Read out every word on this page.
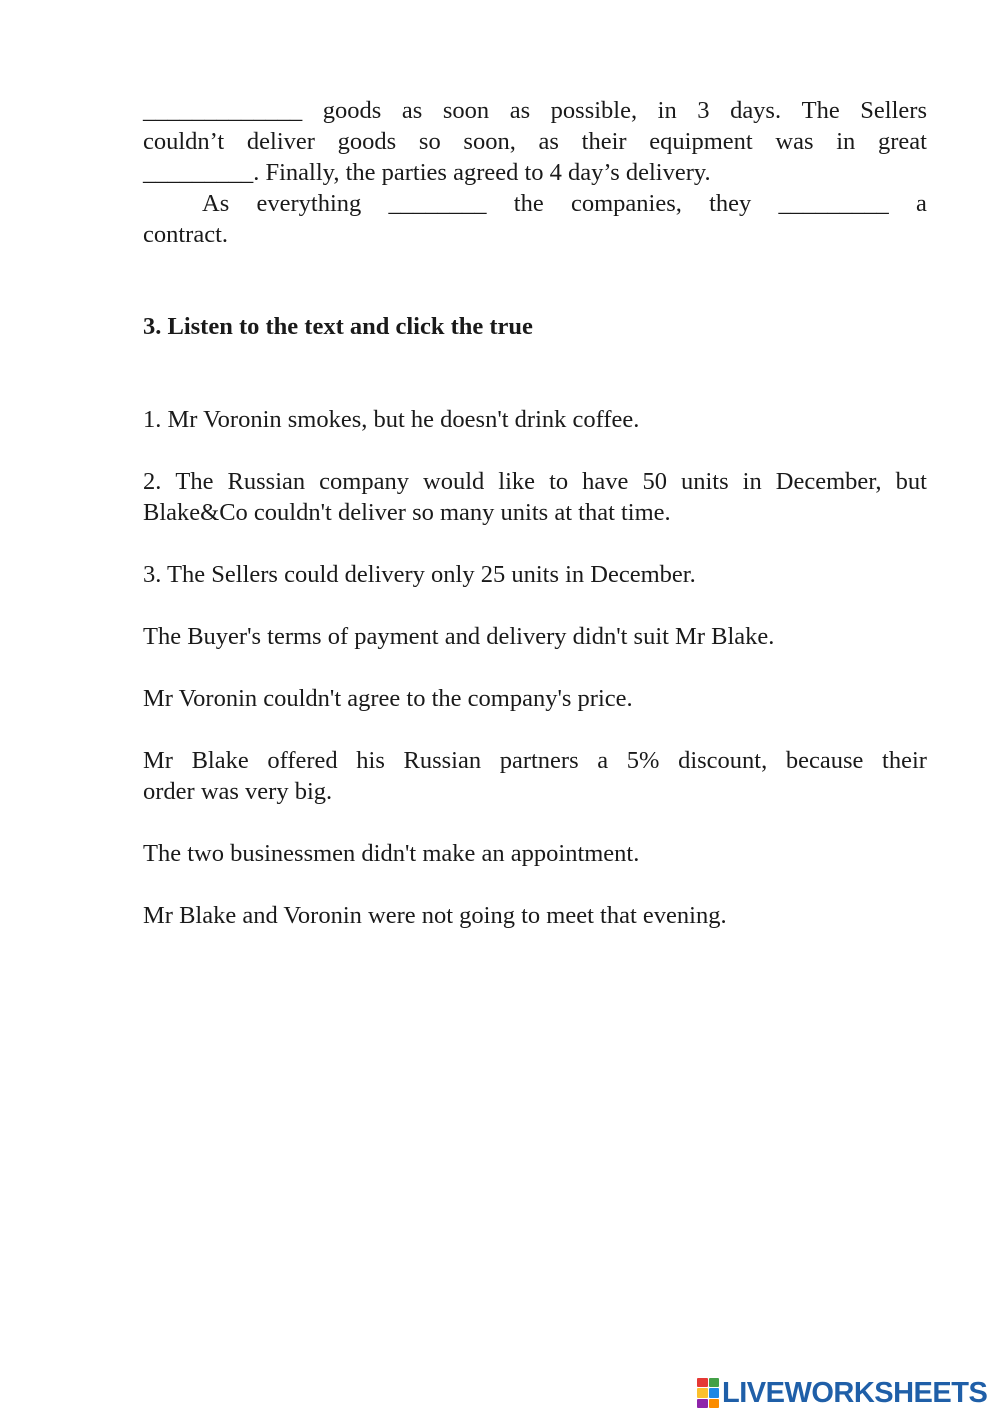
_____________ goods as soon as possible, in 3 days. The Sellers
couldn’t deliver goods so soon, as their equipment was in great
_________. Finally, the parties agreed to 4 day’s delivery.
As everything ________ the companies, they _________ a
contract.
3. Listen to the text and click the true
1. Mr Voronin smokes, but he doesn't drink coffee.
2. The Russian company would like to have 50 units in December, but
Blake&Co couldn't deliver so many units at that time.
3. The Sellers could delivery only 25 units in December.
The Buyer's terms of payment and delivery didn't suit Mr Blake.
Mr Voronin couldn't agree to the company's price.
Mr Blake offered his Russian partners a 5% discount, because their
order was very big.
The two businessmen didn't make an appointment.
Mr Blake and Voronin were not going to meet that evening.
LIVEWORKSHEETS
